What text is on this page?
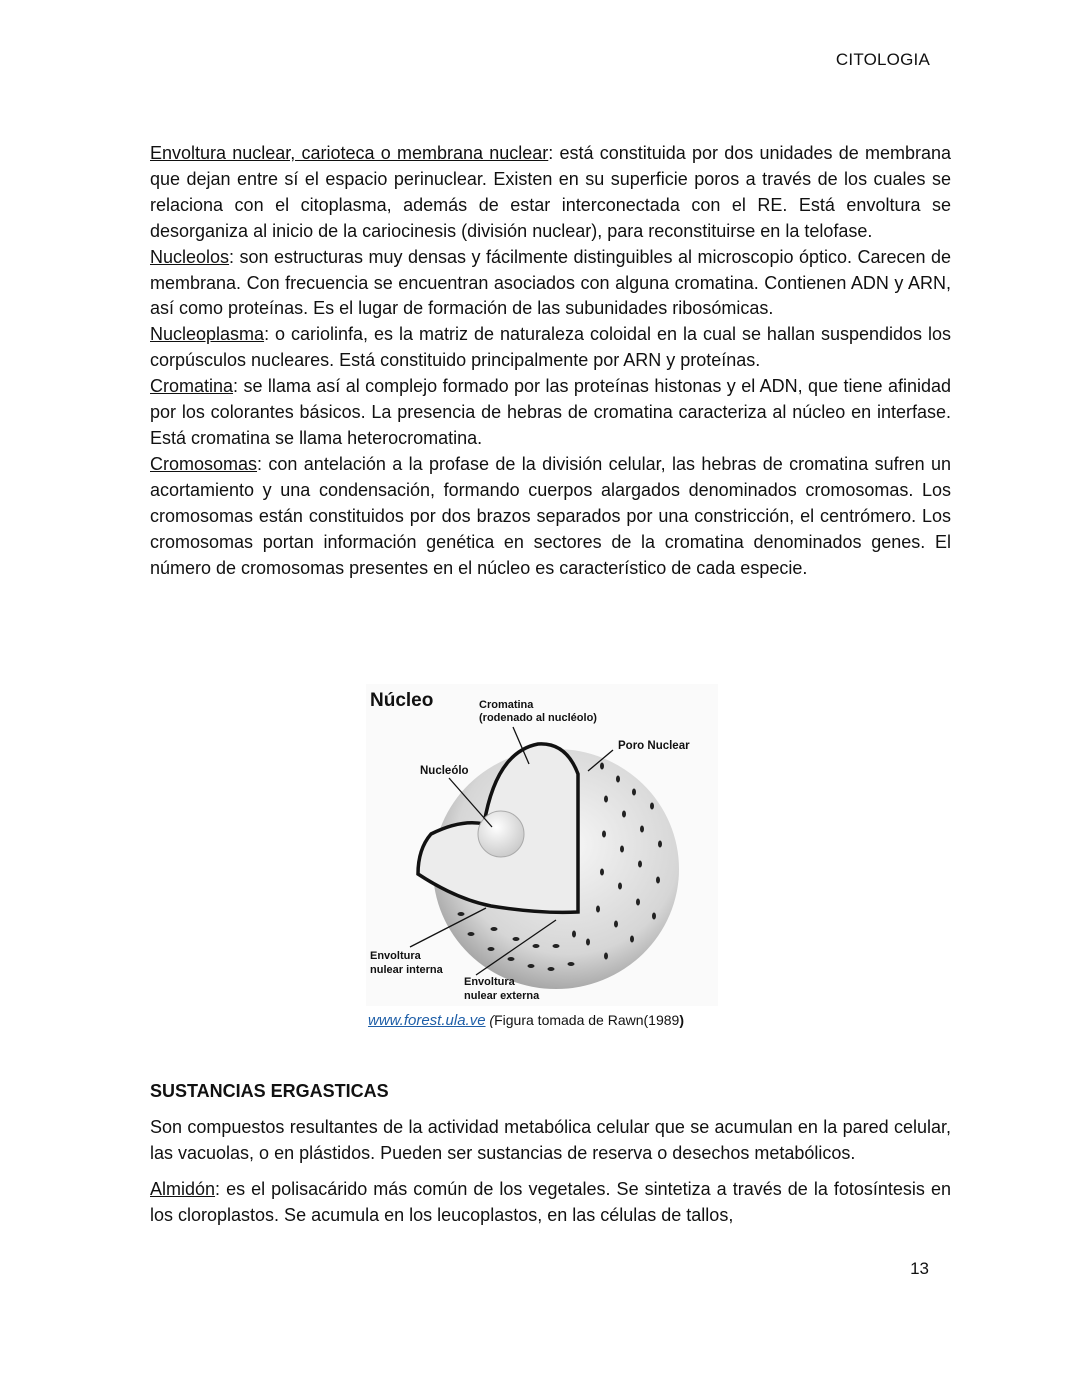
CITOLOGIA

Envoltura nuclear, carioteca o membrana nuclear: está constituida por dos unidades de membrana que dejan entre sí el espacio perinuclear. Existen en su superficie poros a través de los cuales se relaciona con el citoplasma, además de estar interconectada con el RE. Está envoltura se desorganiza al inicio de la cariocinesis (división nuclear), para reconstituirse en la telofase.

Nucleolos: son estructuras muy densas y fácilmente distinguibles al microscopio óptico. Carecen de membrana. Con frecuencia se encuentran asociados con alguna cromatina. Contienen ADN y ARN, así como proteínas. Es el lugar de formación de las subunidades ribosómicas.

Nucleoplasma: o cariolinfa, es la matriz de naturaleza coloidal en la cual se hallan suspendidos los corpúsculos nucleares. Está constituido principalmente por ARN y proteínas.

Cromatina: se llama así al complejo formado por las proteínas histonas y el ADN, que tiene afinidad por los colorantes básicos. La presencia de hebras de cromatina caracteriza al núcleo en interfase. Está cromatina se llama heterocromatina.

Cromosomas: con antelación a la profase de la división celular, las hebras de cromatina sufren un acortamiento y una condensación, formando cuerpos alargados denominados cromosomas. Los cromosomas están constituidos por dos brazos separados por una constricción, el centrómero. Los cromosomas portan información genética en sectores de la cromatina denominados genes. El número de cromosomas presentes en el núcleo es característico de cada especie.

Núcleo	Cromatina
(rodenado al nucléolo)
Poro Nuclear
Nucleólo
Envoltura
nulear interna
Envoltura
nulear externa
www.forest.ula.ve (Figura tomada de Rawn(1989)
SUSTANCIAS ERGASTICAS

Son compuestos resultantes de la actividad metabólica celular que se acumulan en la pared celular, las vacuolas, o en plástidos. Pueden ser sustancias de reserva o desechos metabólicos.

Almidón: es el polisacárido más común de los vegetales. Se sintetiza a través de la fotosíntesis en los cloroplastos. Se acumula en los leucoplastos, en las células de tallos,

13
